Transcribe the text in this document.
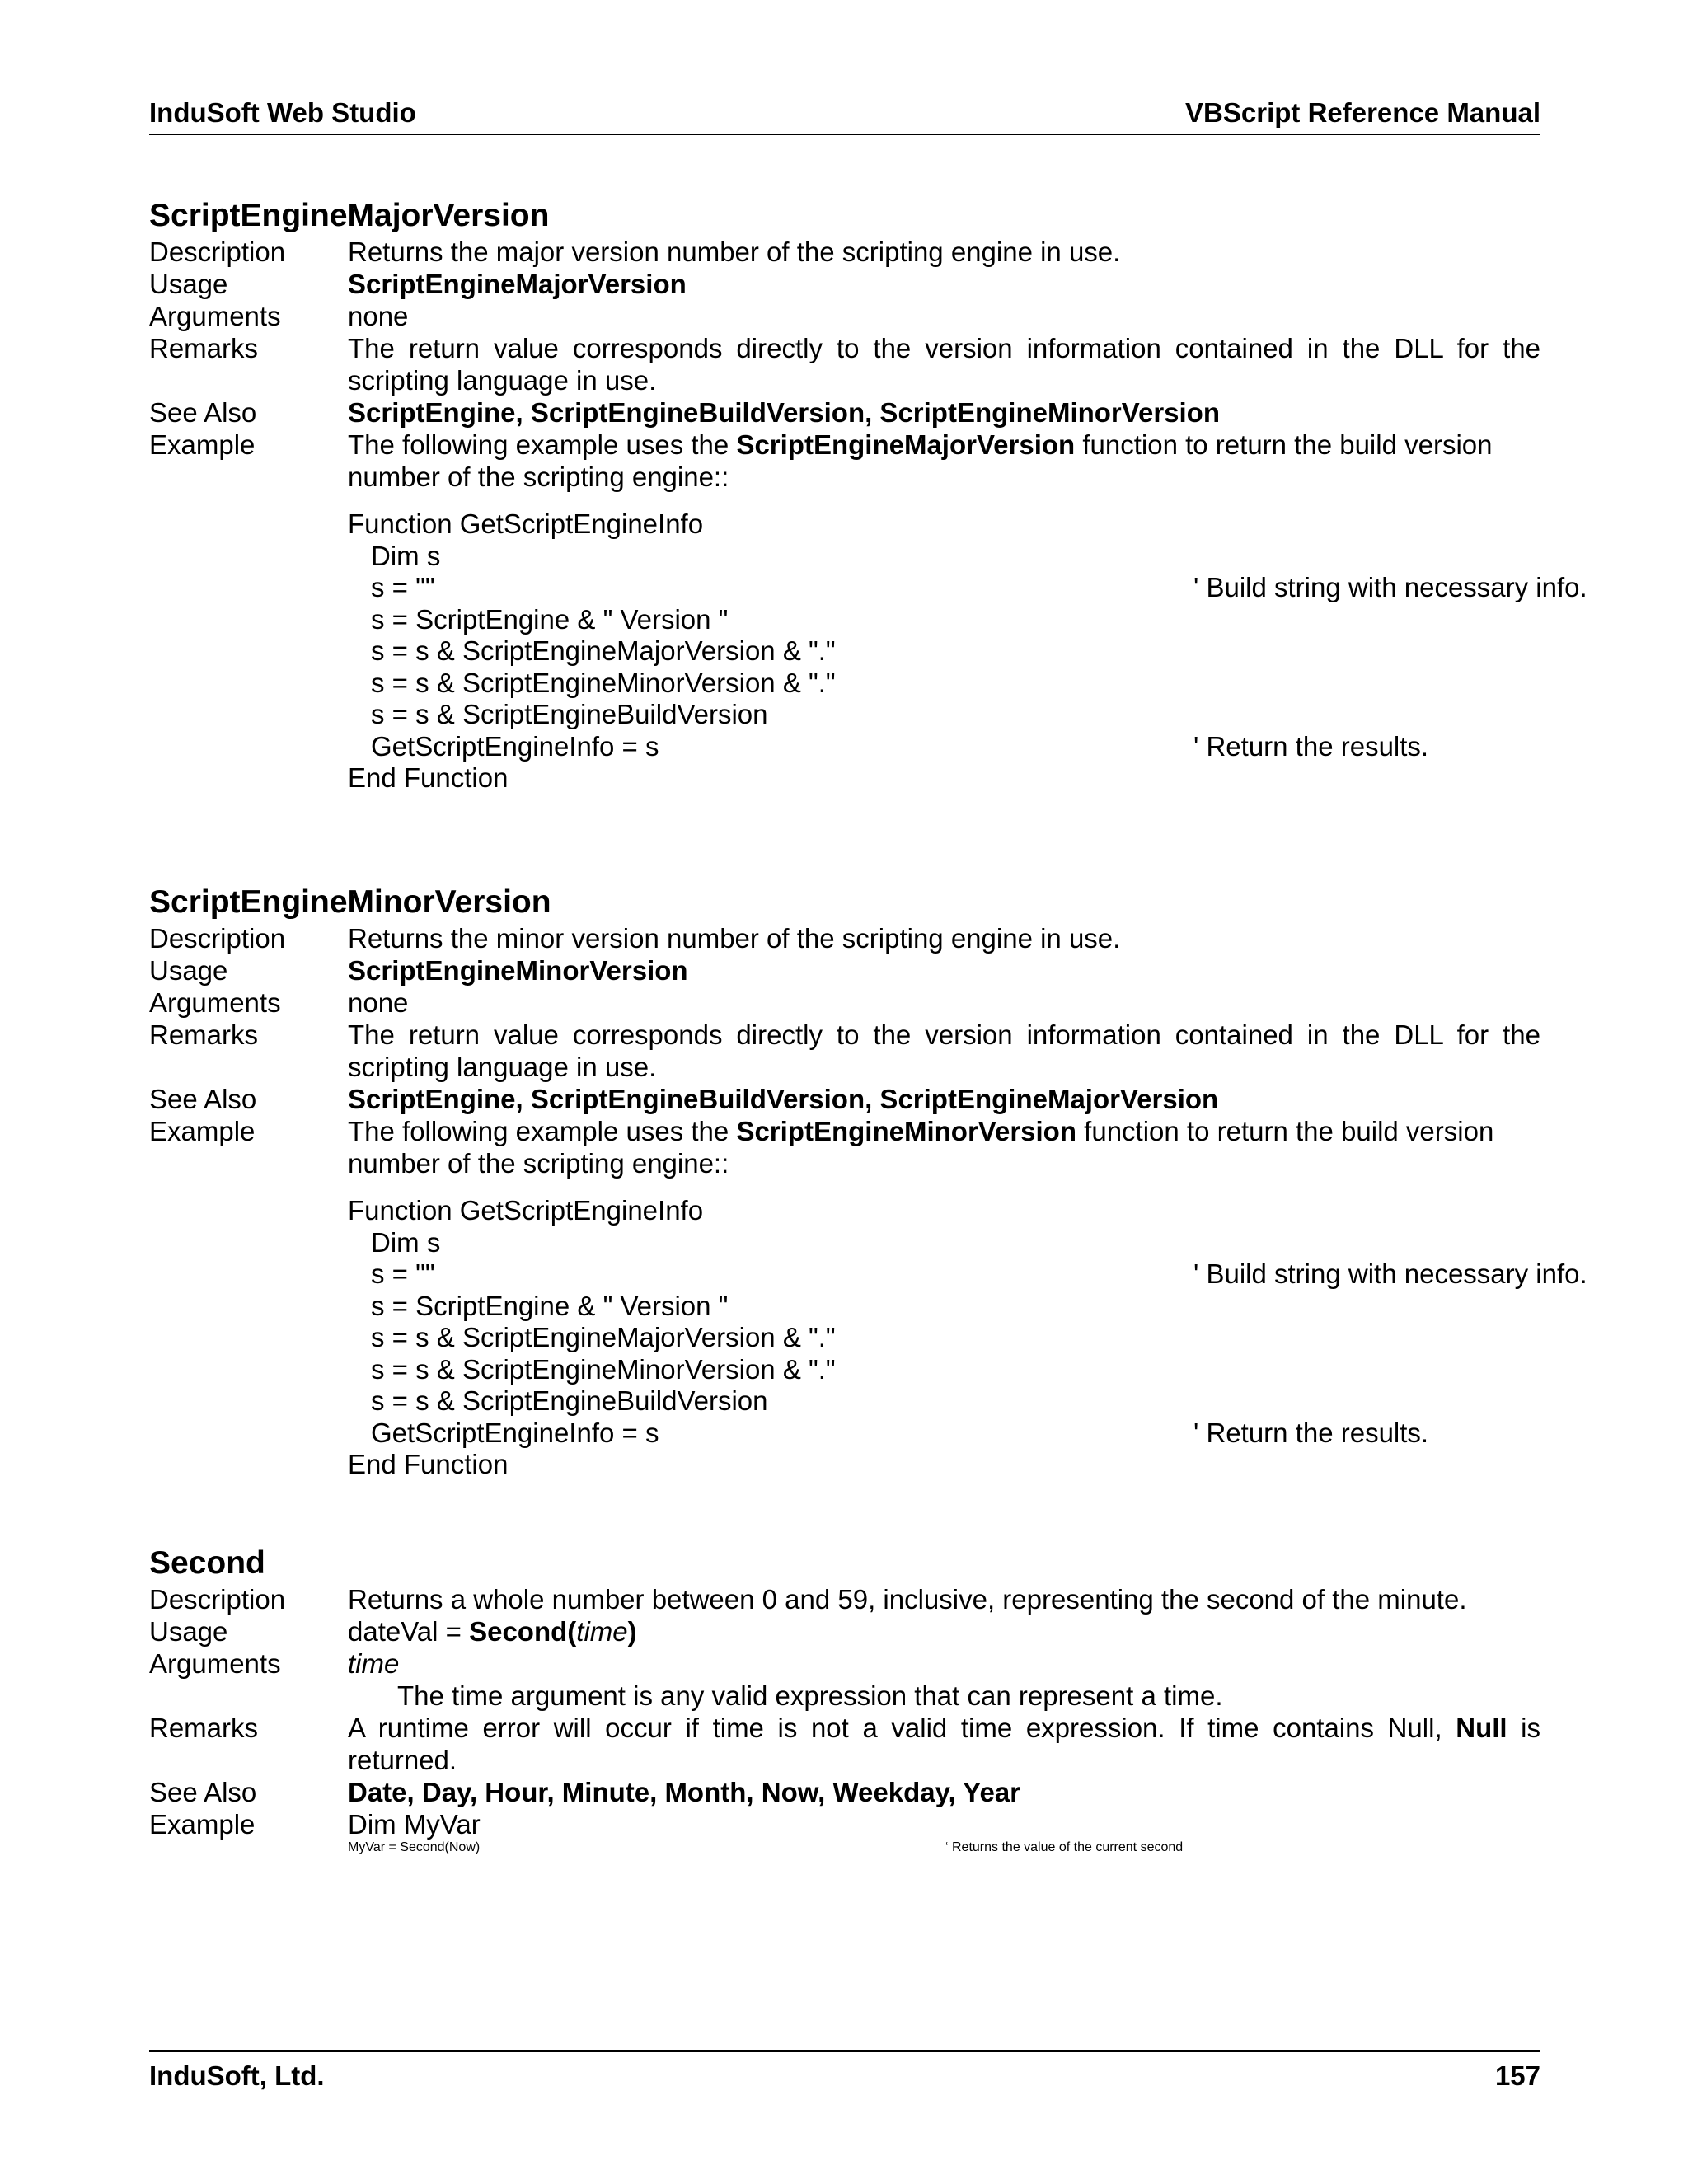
InduSoft Web Studio	VBScript Reference Manual
ScriptEngineMajorVersion
Description	Returns the major version number of the scripting engine in use.
Usage	ScriptEngineMajorVersion
Arguments	none
Remarks	The return value corresponds directly to the version information contained in the DLL for the scripting language in use.
See Also	ScriptEngine, ScriptEngineBuildVersion, ScriptEngineMinorVersion
Example	The following example uses the ScriptEngineMajorVersion function to return the build version number of the scripting engine::
Function GetScriptEngineInfo
Dim s
s = ""	' Build string with necessary info.
s = ScriptEngine & " Version "
s = s & ScriptEngineMajorVersion & "."
s = s & ScriptEngineMinorVersion & "."
s = s & ScriptEngineBuildVersion
GetScriptEngineInfo = s	' Return the results.
End Function
ScriptEngineMinorVersion
Description	Returns the minor version number of the scripting engine in use.
Usage	ScriptEngineMinorVersion
Arguments	none
Remarks	The return value corresponds directly to the version information contained in the DLL for the scripting language in use.
See Also	ScriptEngine, ScriptEngineBuildVersion, ScriptEngineMajorVersion
Example	The following example uses the ScriptEngineMinorVersion function to return the build version number of the scripting engine::
Function GetScriptEngineInfo
Dim s
s = ""	' Build string with necessary info.
s = ScriptEngine & " Version "
s = s & ScriptEngineMajorVersion & "."
s = s & ScriptEngineMinorVersion & "."
s = s & ScriptEngineBuildVersion
GetScriptEngineInfo = s	' Return the results.
End Function
Second
Description	Returns a whole number between 0 and 59, inclusive, representing the second of the minute.
Usage	dateVal = Second(time)
Arguments	time
The time argument is any valid expression that can represent a time.
Remarks	A runtime error will occur if time is not a valid time expression. If time contains Null, Null is returned.
See Also	Date, Day, Hour, Minute, Month, Now, Weekday, Year
Example	Dim MyVar
MyVar = Second(Now)	‘ Returns the value of the current second
InduSoft, Ltd.	157
